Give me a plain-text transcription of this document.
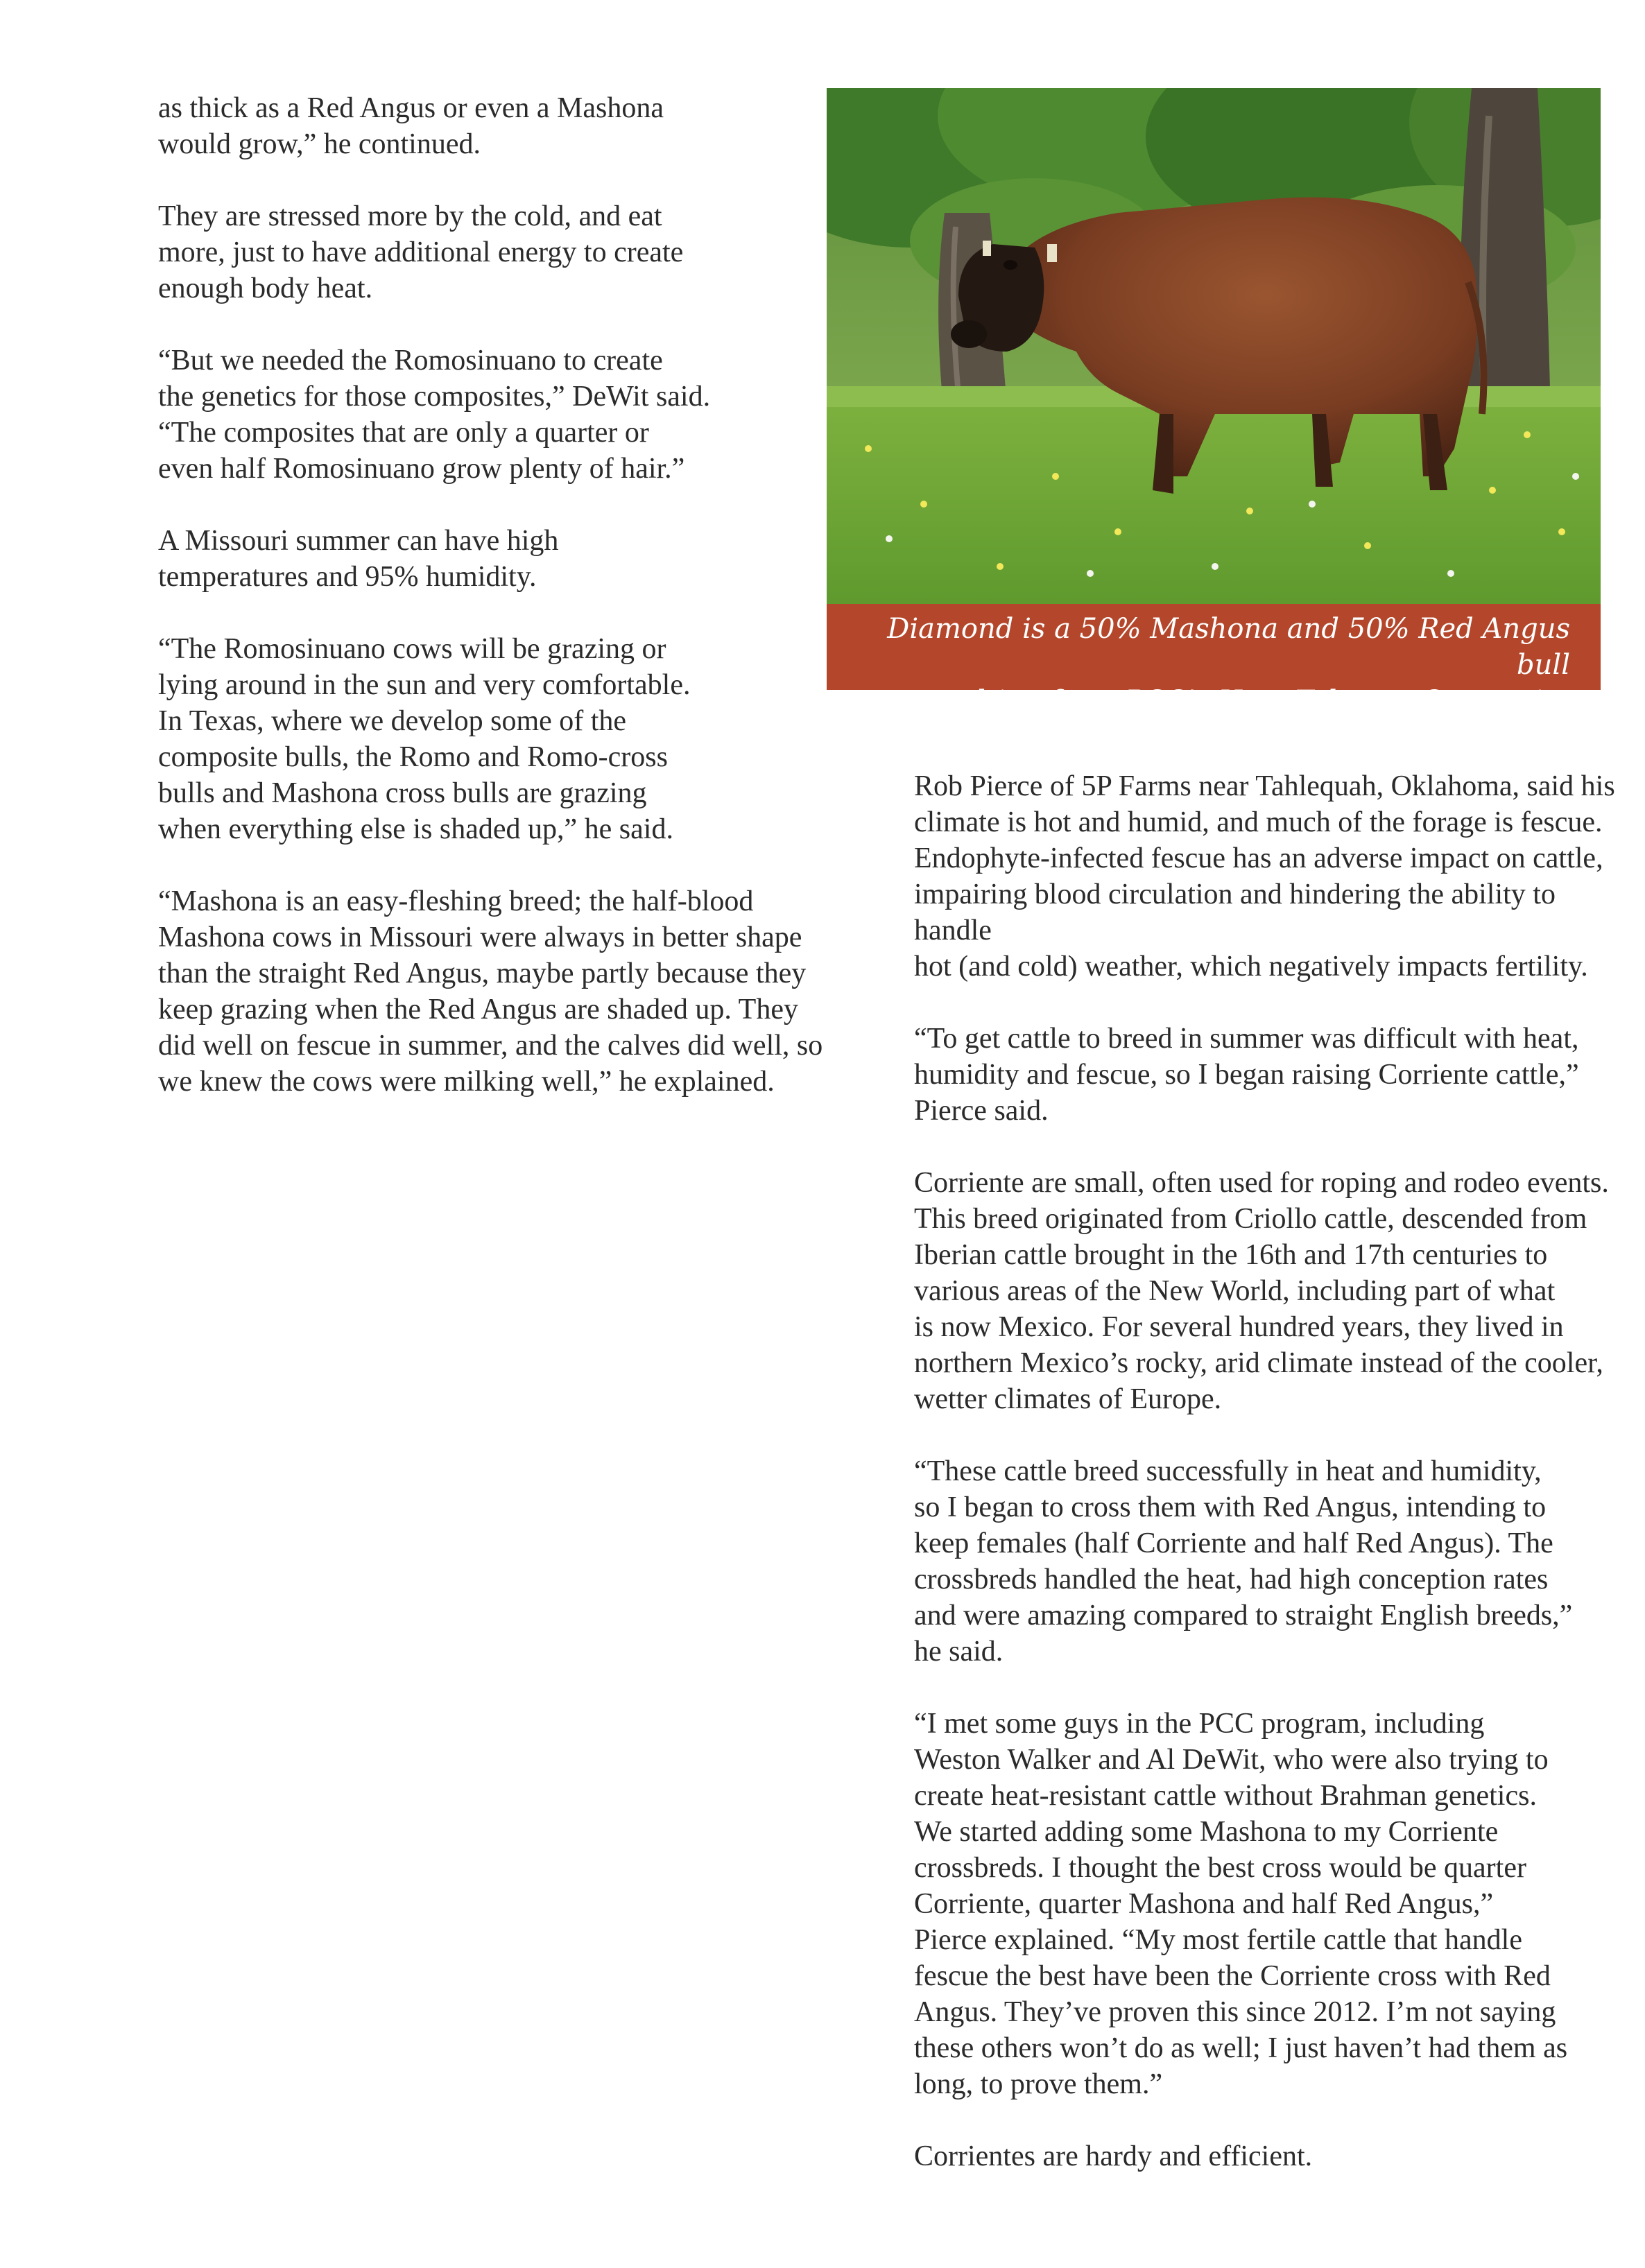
as thick as a Red Angus or even a Mashona
would grow,” he continued.

They are stressed more by the cold, and eat
more, just to have additional energy to create
enough body heat.

“But we needed the Romosinuano to create
the genetics for those composites,” DeWit said.
“The composites that are only a quarter or
even half Romosinuano grow plenty of hair.”

A Missouri summer can have high
temperatures and 95% humidity.

“The Romosinuano cows will be grazing or
lying around in the sun and very comfortable.
In Texas, where we develop some of the
composite bulls, the Romo and Romo-cross
bulls and Mashona cross bulls are grazing
when everything else is shaded up,” he said.

“Mashona is an easy-fleshing breed; the half-blood
Mashona cows in Missouri were always in better shape
than the straight Red Angus, maybe partly because they
keep grazing when the Red Angus are shaded up. They
did well on fescue in summer, and the calves did well, so
we knew the cows were milking well,” he explained.

Diamond is a 50% Mashona and 50% Red Angus bull
resulting from PCC’s Heat-Tolerant Composite program.

Rob Pierce of 5P Farms near Tahlequah, Oklahoma, said his
climate is hot and humid, and much of the forage is fescue.
Endophyte-infected fescue has an adverse impact on cattle,
impairing blood circulation and hindering the ability to handle
hot (and cold) weather, which negatively impacts fertility.

“To get cattle to breed in summer was difficult with heat,
humidity and fescue, so I began raising Corriente cattle,”
Pierce said.

Corriente are small, often used for roping and rodeo events.
This breed originated from Criollo cattle, descended from
Iberian cattle brought in the 16th and 17th centuries to
various areas of the New World, including part of what
is now Mexico. For several hundred years, they lived in
northern Mexico’s rocky, arid climate instead of the cooler,
wetter climates of Europe.

“These cattle breed successfully in heat and humidity,
so I began to cross them with Red Angus, intending to
keep females (half Corriente and half Red Angus). The
crossbreds handled the heat, had high conception rates
and were amazing compared to straight English breeds,”
he said.

“I met some guys in the PCC program, including
Weston Walker and Al DeWit, who were also trying to
create heat-resistant cattle without Brahman genetics.
We started adding some Mashona to my Corriente
crossbreds. I thought the best cross would be quarter
Corriente, quarter Mashona and half Red Angus,”
Pierce explained. “My most fertile cattle that handle
fescue the best have been the Corriente cross with Red
Angus. They’ve proven this since 2012. I’m not saying
these others won’t do as well; I just haven’t had them as
long, to prove them.”

Corrientes are hardy and efficient.
